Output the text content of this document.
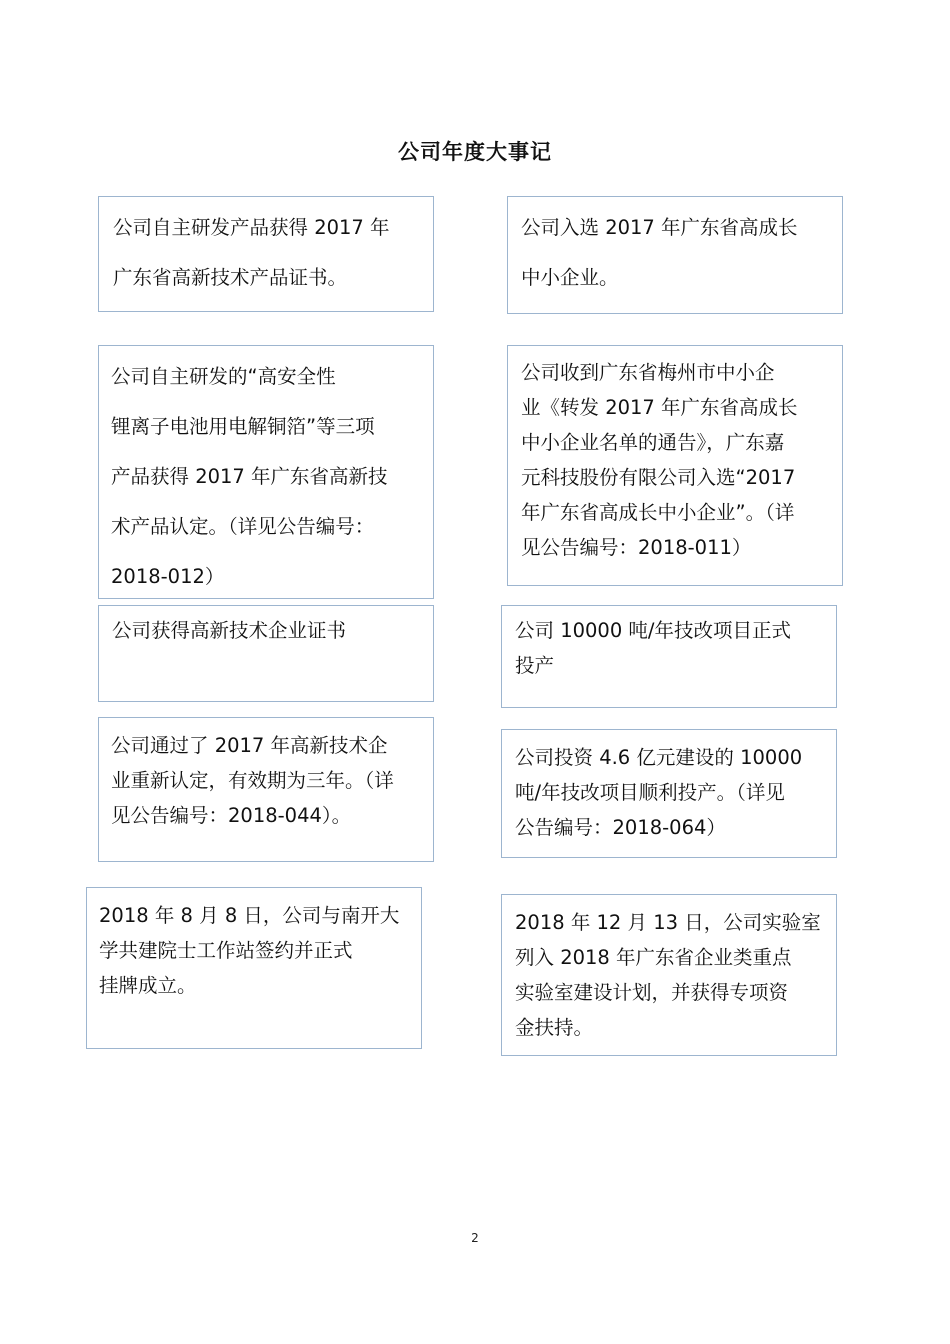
公司年度大事记
公司自主研发产品获得 2017 年
广东省高新技术产品证书。
公司入选 2017 年广东省高成长
中小企业。
公司自主研发的“高安全性
锂离子电池用电解铜箔”等三项
产品获得 2017 年广东省高新技
术产品认定。（详见公告编号：
2018-012）
公司收到广东省梅州市中小企
业《转发 2017 年广东省高成长
中小企业名单的通告》，广东嘉
元科技股份有限公司入选“2017
年广东省高成长中小企业”。（详
见公告编号：2018-011）
公司获得高新技术企业证书	公司 10000 吨/年技改项目正式
投产
公司通过了 2017 年高新技术企
业重新认定，有效期为三年。（详
见公告编号：2018-044）。
公司投资 4.6 亿元建设的 10000
吨/年技改项目顺利投产。（详见
公告编号：2018-064）
2018 年 8 月 8 日，公司与南开大
学共建院士工作站签约并正式
挂牌成立。
2018 年 12 月 13 日，公司实验室
列入 2018 年广东省企业类重点
实验室建设计划，并获得专项资
金扶持。
2
